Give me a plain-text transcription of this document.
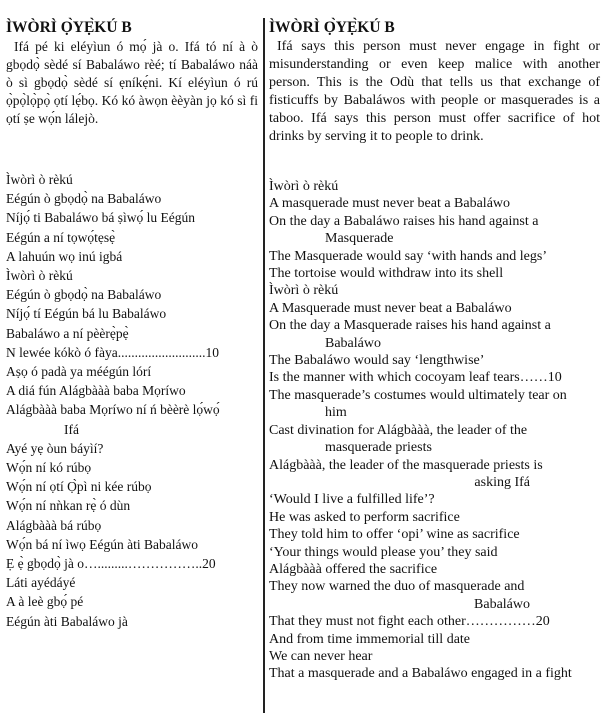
ÌWÒRÌ Ọ̀YẸ̀KÚ B

Ifá pé ki eléyìun ó mọ́ jà o. Ifá tó ní à ò gbọdọ̀ sèdé sí Babaláwo rèé; tí Babaláwo náà ò sì gbọdọ̀ sèdé sí ẹníkẹ́ni. Kí eléyìun ó rú ọ̀pọ̀lọ̀pọ̀ ọtí lẹ́bọ. Kó kó àwọn èèyàn jọ kó sì fi ọtí ṣe wọ́n lálejò.

Ìwòrì ò rèkú

Eégún ò gbọdọ̀ na Babaláwo

Níjọ́ ti Babaláwo bá ṣìwọ́ lu Eégún

Eégún a ní tọwọ́tẹsẹ̀

A lahuún wọ inú igbá

Ìwòrì ò rèkú

Eégún ò gbọdọ̀ na Babaláwo

Níjọ́ tí Eégún bá lu Babaláwo

Babaláwo a ní pèèrẹ̀pẹ̀

N lewée kókò ó fàya..........................10

Aṣọ ó padà ya méégún lórí

A diá fún Alágbààà baba Mọríwo

Alágbààà baba Mọríwo ní ń bèèrè lọ́wọ́

Ifá

Ayé yẹ òun báyìí?

Wọ́n ní kó rúbọ

Wọ́n ní ọtí Ọ̀pì ni kée rúbọ

Wọ́n ní nǹkan rẹ̀ ó dùn

Alágbààà bá rúbọ

Wọ́n bá ní ìwọ Eégún àti Babaláwo

Ẹ ẹ̀ gbọdọ̀ jà o….........……………..20

Láti ayédáyé

A à leè gbọ́ pé

Eégún àti Babaláwo jà

ÌWÒRÌ Ọ̀YẸ̀KÚ B

Ifá says this person must never engage in fight or misunderstanding or even keep malice with another person. This is the Odù that tells us that exchange of fisticuffs by Babaláwos with people or masquerades is a taboo. Ifá says this person must offer sacrifice of hot drinks by serving it to people to drink.

Ìwòrì ò rèkú

A masquerade must never beat a Babaláwo

On the day a Babaláwo raises his hand against a

Masquerade

The Masquerade would say ‘with hands and legs’

The tortoise would withdraw into its shell

Ìwòrì ò rèkú

A Masquerade must never beat a Babaláwo

On the day a Masquerade raises his hand against a

Babaláwo

The Babaláwo would say ‘lengthwise’

Is the manner with which cocoyam leaf tears……10

The masquerade’s costumes would ultimately tear on

him

Cast divination for Alágbààà, the leader of the

masquerade priests

Alágbààà, the leader of the masquerade priests is

asking Ifá

‘Would I live a fulfilled life’?

He was asked to perform sacrifice

They told him to offer ‘opi’ wine as sacrifice

‘Your things would please you’ they said

Alágbààà offered the sacrifice

They now warned the duo of masquerade and

Babaláwo

That they must not fight each other……………20

And from time immemorial till date

We can never hear

That a masquerade and a Babaláwo engaged in a fight
